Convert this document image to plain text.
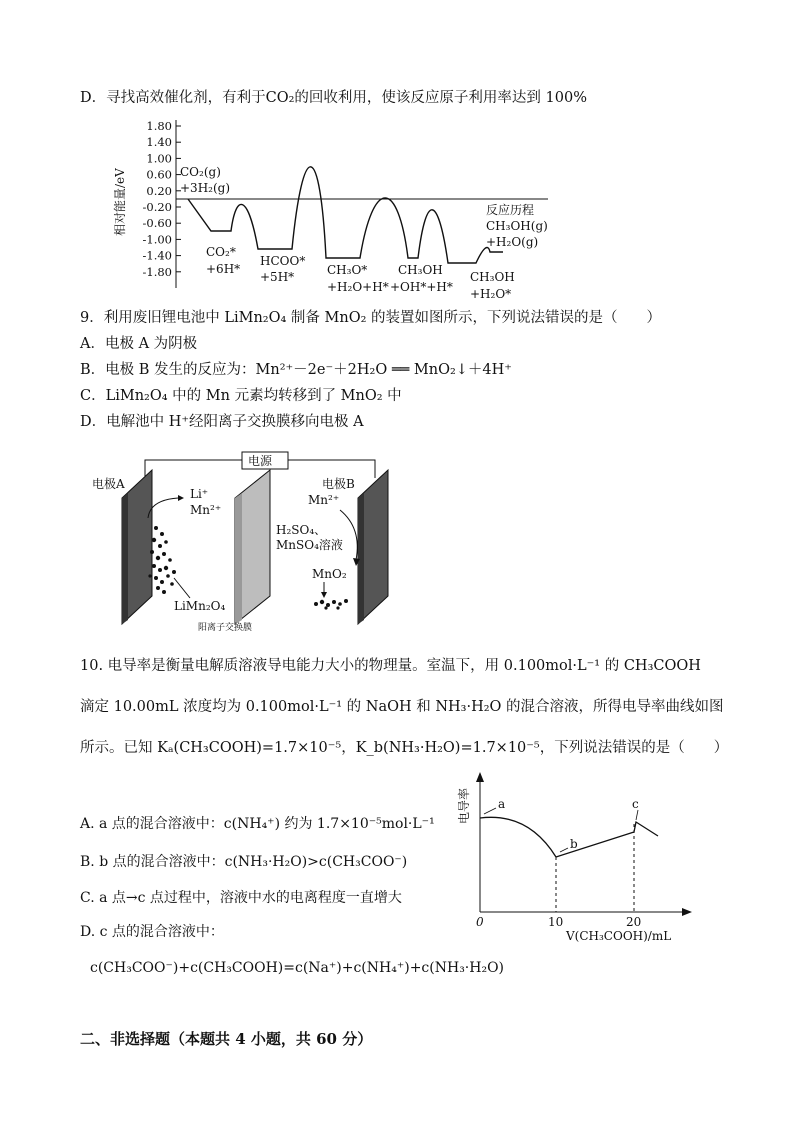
D．寻找高效催化剂，有利于CO₂的回收利用，使该反应原子利用率达到 100%
1.80
1.40
1.00
0.60
0.20
-0.20
-0.60
-1.00
-1.40
-1.80
相对能量/eV	CO₂(g)
+3H₂(g)
CO₂*
+6H*
HCOO*
+5H*	CH₃O*
+H₂O+H*
CH₃OH
+OH*+H*
CH₃OH
+H₂O*
反应历程
CH₃OH(g)
+H₂O(g)
9．利用废旧锂电池中 LiMn₂O₄ 制备 MnO₂ 的装置如图所示，下列说法错误的是（　　）
A．电极 A 为阴极
B．电极 B 发生的反应为：Mn²⁺－2e⁻＋2H₂O ══ MnO₂↓＋4H⁺
C．LiMn₂O₄ 中的 Mn 元素均转移到了 MnO₂ 中
D．电解池中 H⁺经阳离子交换膜移向电极 A
电源
电极A	电极B
Li⁺
Mn²⁺
LiMn₂O₄
Mn²⁺
H₂SO₄、
MnSO₄溶液
MnO₂
阳离子交换膜
10. 电导率是衡量电解质溶液导电能力大小的物理量。室温下，用 0.100mol·L⁻¹ 的 CH₃COOH
滴定 10.00mL 浓度均为 0.100mol·L⁻¹ 的 NaOH 和 NH₃·H₂O 的混合溶液，所得电导率曲线如图
所示。已知 Kₐ(CH₃COOH)=1.7×10⁻⁵，K_b(NH₃·H₂O)=1.7×10⁻⁵，下列说法错误的是（　　）
A. a 点的混合溶液中：c(NH₄⁺) 约为 1.7×10⁻⁵mol·L⁻¹
B. b 点的混合溶液中：c(NH₃·H₂O)>c(CH₃COO⁻)
C. a 点→c 点过程中，溶液中水的电离程度一直增大
D. c 点的混合溶液中：
c(CH₃COO⁻)+c(CH₃COOH)=c(Na⁺)+c(NH₄⁺)+c(NH₃·H₂O)
电导率 a
b
c
0	10	20
V(CH₃COOH)/mL
二、非选择题（本题共 4 小题，共 60 分）
